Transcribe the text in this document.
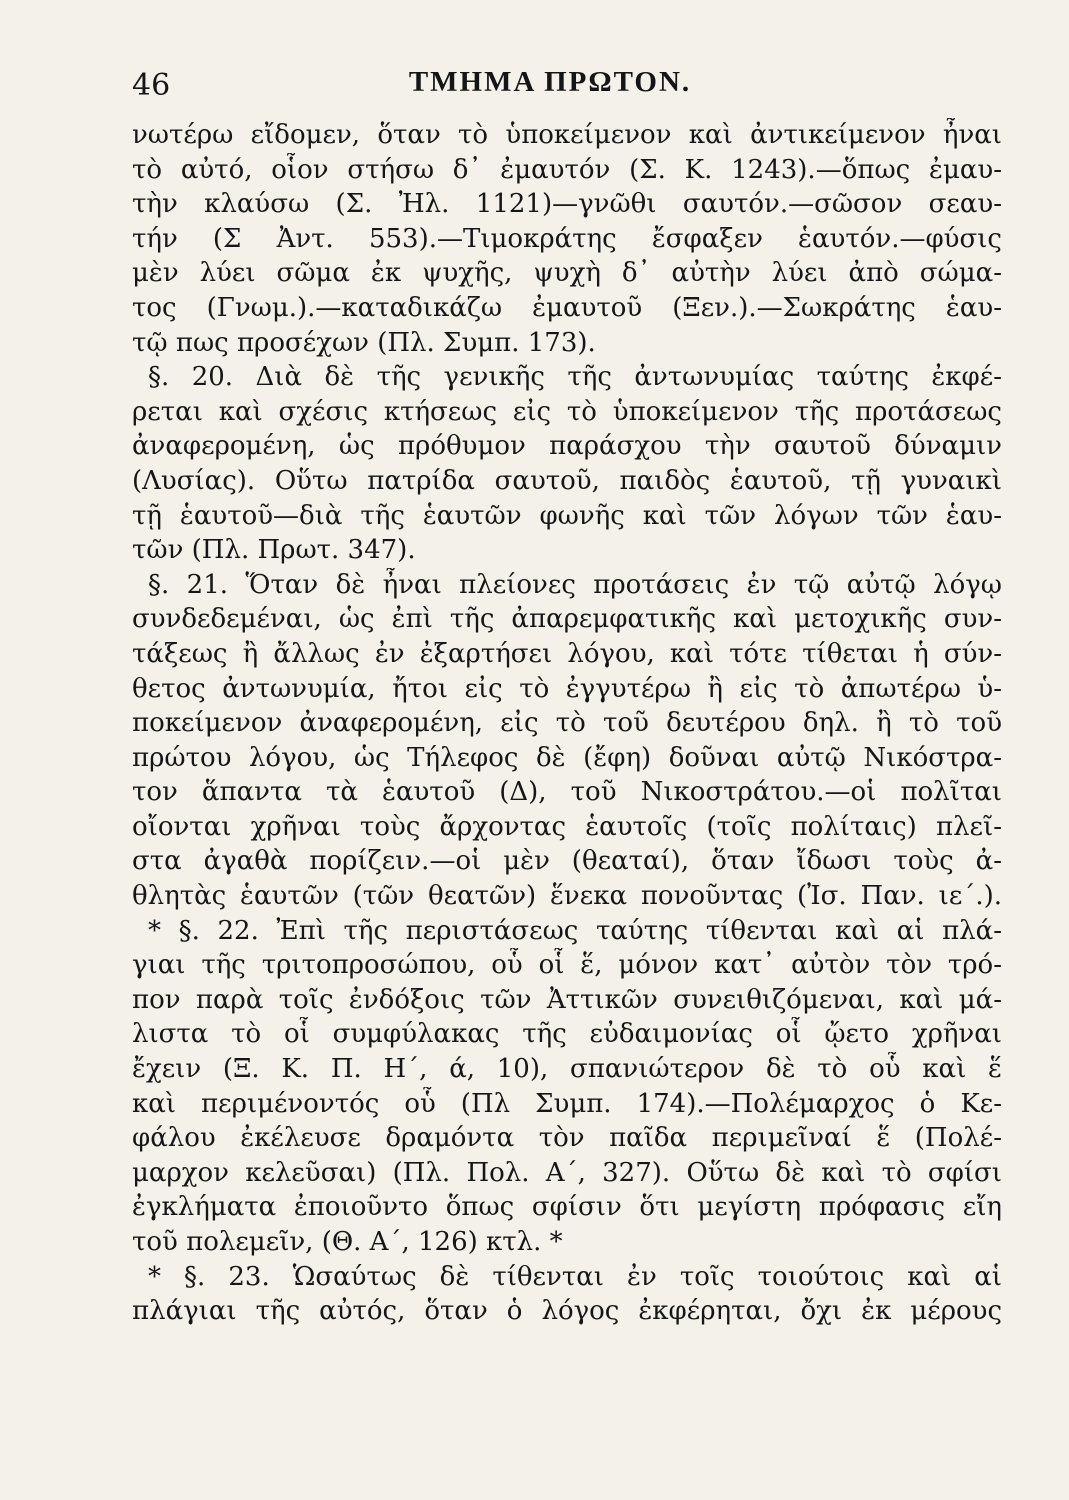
46	ΤΜΗΜΑ ΠΡΩΤΟΝ.
νωτέρω εἴδομεν, ὅταν τὸ ὑποκείμενον καὶ ἀντικείμενον ἦναι
τὸ αὐτό, οἷον στήσω δ᾽ ἐμαυτόν (Σ. Κ. 1243).—ὅπως ἐμαυ-
τὴν κλαύσω (Σ. Ἠλ. 1121)—γνῶθι σαυτόν.—σῶσον σεαυ-
τήν (Σ Ἀντ. 553).—Τιμοκράτης ἔσφαξεν ἑαυτόν.—φύσις
μὲν λύει σῶμα ἐκ ψυχῆς, ψυχὴ δ᾽ αὐτὴν λύει ἀπὸ σώμα-
τος (Γνωμ.).—καταδικάζω ἐμαυτοῦ (Ξεν.).—Σωκράτης ἑαυ-
τῷ πως προσέχων (Πλ. Συμπ. 173).
§. 20. Διὰ δὲ τῆς γενικῆς τῆς ἀντωνυμίας ταύτης ἐκφέ-
ρεται καὶ σχέσις κτήσεως εἰς τὸ ὑποκείμενον τῆς προτάσεως
ἀναφερομένη, ὡς πρόθυμον παράσχου τὴν σαυτοῦ δύναμιν
(Λυσίας). Οὕτω πατρίδα σαυτοῦ, παιδὸς ἑαυτοῦ, τῇ γυναικὶ
τῇ ἑαυτοῦ—διὰ τῆς ἑαυτῶν φωνῆς καὶ τῶν λόγων τῶν ἑαυ-
τῶν (Πλ. Πρωτ. 347).
§. 21. Ὅταν δὲ ἦναι πλείονες προτάσεις ἐν τῷ αὐτῷ λόγῳ
συνδεδεμέναι, ὡς ἐπὶ τῆς ἀπαρεμφατικῆς καὶ μετοχικῆς συν-
τάξεως ἢ ἄλλως ἐν ἐξαρτήσει λόγου, καὶ τότε τίθεται ἡ σύν-
θετος ἀντωνυμία, ἤτοι εἰς τὸ ἐγγυτέρω ἢ εἰς τὸ ἀπωτέρω ὑ-
ποκείμενον ἀναφερομένη, εἰς τὸ τοῦ δευτέρου δηλ. ἢ τὸ τοῦ
πρώτου λόγου, ὡς Τήλεφος δὲ (ἔφη) δοῦναι αὐτῷ Νικόστρα-
τον ἅπαντα τὰ ἑαυτοῦ (Δ), τοῦ Νικοστράτου.—οἱ πολῖται
οἴονται χρῆναι τοὺς ἄρχοντας ἑαυτοῖς (τοῖς πολίταις) πλεῖ-
στα ἀγαθὰ πορίζειν.—οἱ μὲν (θεαταί), ὅταν ἴδωσι τοὺς ἀ-
θλητὰς ἑαυτῶν (τῶν θεατῶν) ἕνεκα πονοῦντας (Ἰσ. Παν. ιε΄.).
* §. 22. Ἐπὶ τῆς περιστάσεως ταύτης τίθενται καὶ αἱ πλά-
γιαι τῆς τριτοπροσώπου, οὗ οἷ ἕ, μόνον κατ᾽ αὐτὸν τὸν τρό-
πον παρὰ τοῖς ἐνδόξοις τῶν Ἀττικῶν συνειθιζόμεναι, καὶ μά-
λιστα τὸ οἷ συμφύλακας τῆς εὐδαιμονίας οἷ ᾤετο χρῆναι
ἔχειν (Ξ. Κ. Π. Η΄, ά, 10), σπανιώτερον δὲ τὸ οὗ καὶ ἕ
καὶ περιμένοντός οὗ (Πλ Συμπ. 174).—Πολέμαρχος ὁ Κε-
φάλου ἐκέλευσε δραμόντα τὸν παῖδα περιμεῖναί ἕ (Πολέ-
μαρχον κελεῦσαι) (Πλ. Πολ. Α΄, 327). Οὕτω δὲ καὶ τὸ σφίσι
ἐγκλήματα ἐποιοῦντο ὅπως σφίσιν ὅτι μεγίστη πρόφασις εἴη
τοῦ πολεμεῖν, (Θ. Α΄, 126) κτλ. *
* §. 23. Ὡσαύτως δὲ τίθενται ἐν τοῖς τοιούτοις καὶ αἱ
πλάγιαι τῆς αὐτός, ὅταν ὁ λόγος ἐκφέρηται, ὄχι ἐκ μέρους
